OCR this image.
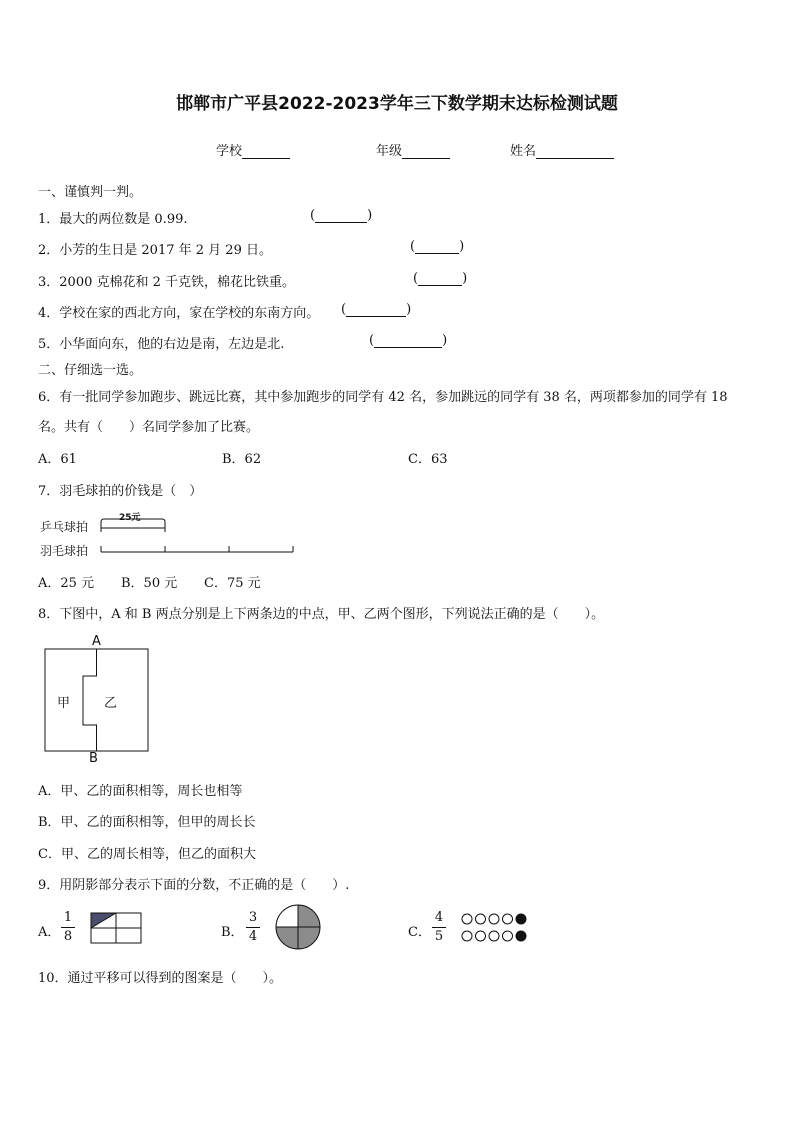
邯郸市广平县2022-2023学年三下数学期末达标检测试题
学校	年级	姓名
一、谨慎判一判。
1．最大的两位数是 0.99.	(	)
2．小芳的生日是 2017 年 2 月 29 日。	(	)
3．2000 克棉花和 2 千克铁，棉花比铁重。	(	)
4．学校在家的西北方向，家在学校的东南方向。 (	)
5．小华面向东，他的右边是南，左边是北.	(	)
二、仔细选一选。
6．有一批同学参加跑步、跳远比赛，其中参加跑步的同学有 42 名，参加跳远的同学有 38 名，两项都参加的同学有 18
名。共有（　　）名同学参加了比赛。
A．61	B．62	C．63
7．羽毛球拍的价钱是（　）
乒乓球拍
羽毛球拍
25元
A．25 元 B．50 元 C．75 元
8．下图中，A 和 B 两点分别是上下两条边的中点，甲、乙两个图形，下列说法正确的是（　　）。
A
B
甲	乙
A．甲、乙的面积相等，周长也相等
B．甲、乙的面积相等，但甲的周长长
C．甲、乙的周长相等，但乙的面积大
9．用阴影部分表示下面的分数，不正确的是（　　）.
A．
1
8	B．
3
4	C．
4
5
10．通过平移可以得到的图案是（　　）。
